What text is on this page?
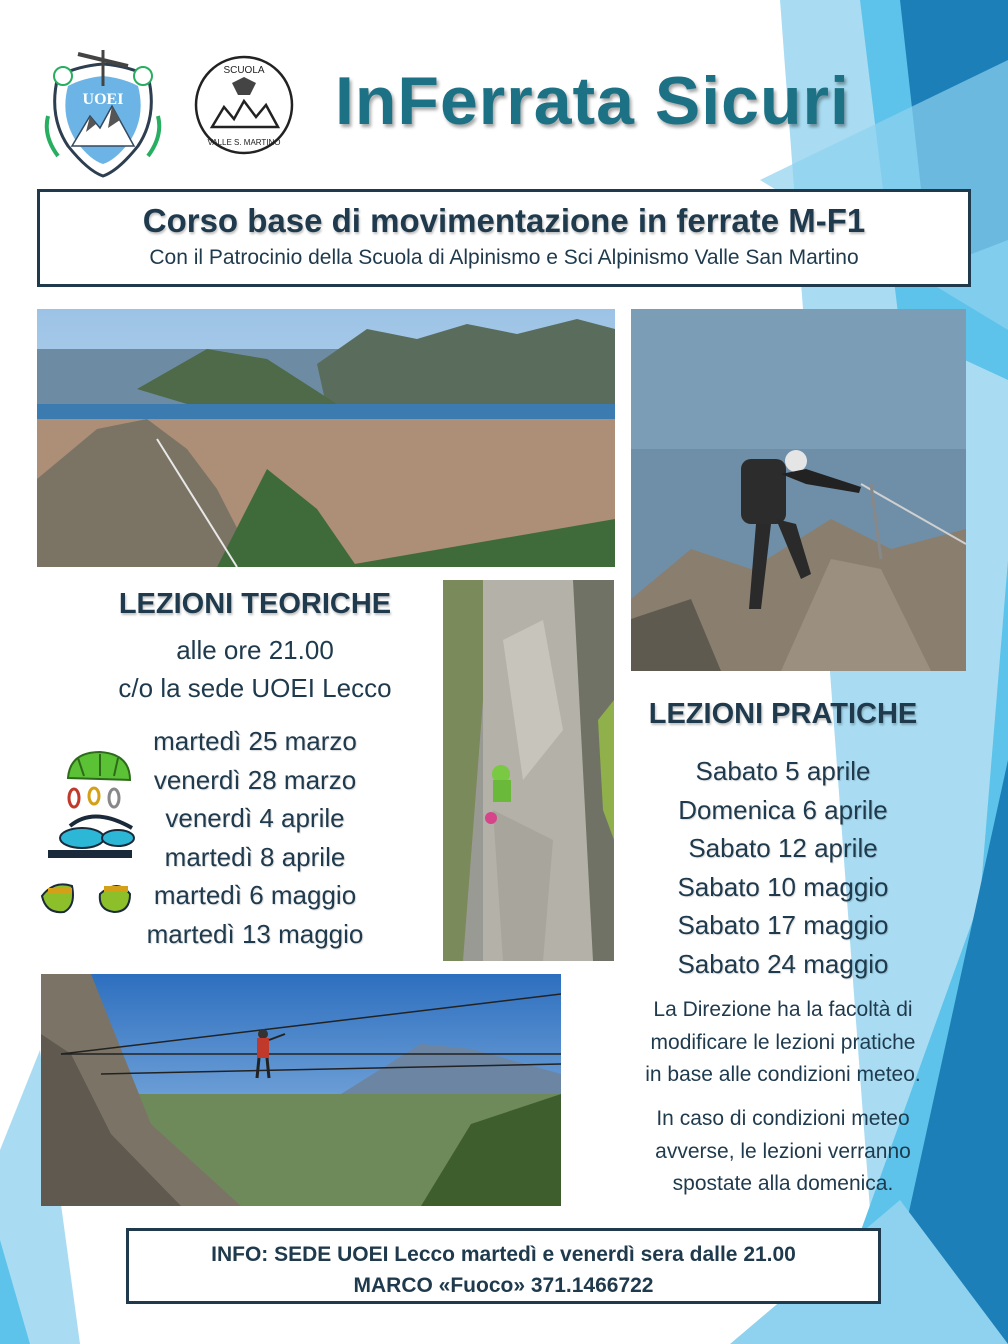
UOEI
SCUOLA
VALLE S. MARTINO
InFerrata Sicuri
Corso base di movimentazione in ferrate M-F1
Con il Patrocinio della Scuola di Alpinismo e Sci Alpinismo Valle San Martino
LEZIONI TEORICHE
alle ore 21.00
c/o la sede UOEI Lecco
martedì 25 marzo
venerdì 28 marzo
venerdì 4 aprile
martedì 8 aprile
martedì 6 maggio
martedì 13 maggio
LEZIONI PRATICHE
Sabato 5 aprile
Domenica 6 aprile
Sabato 12 aprile
Sabato 10 maggio
Sabato 17 maggio
Sabato 24 maggio
La Direzione ha la facoltà di
modificare le lezioni pratiche
in base alle condizioni meteo.
In caso di condizioni meteo
avverse, le lezioni verranno
spostate alla domenica.
INFO: SEDE UOEI Lecco martedì e venerdì sera dalle 21.00
MARCO «Fuoco» 371.1466722
